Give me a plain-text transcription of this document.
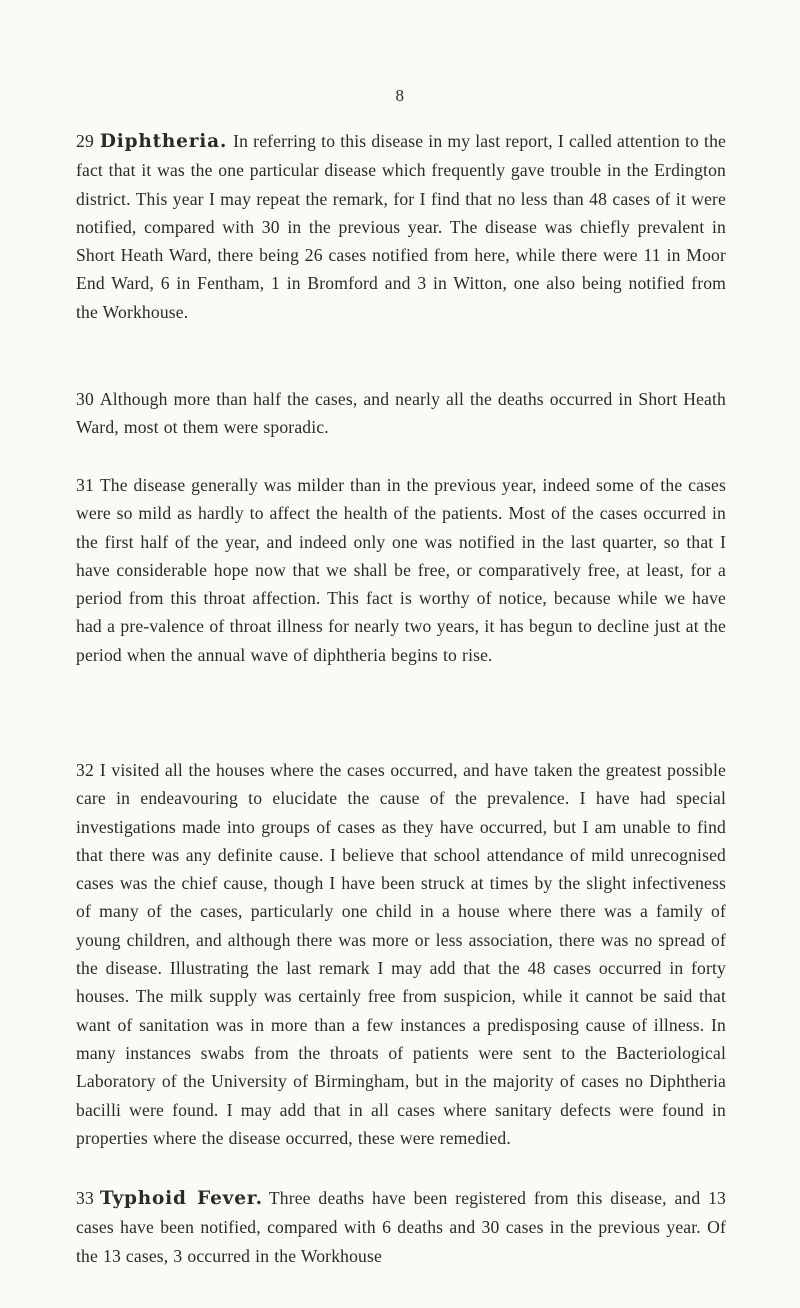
8

29 Diphtheria. In referring to this disease in my last report, I called attention to the fact that it was the one particular disease which frequently gave trouble in the Erdington district. This year I may repeat the remark, for I find that no less than 48 cases of it were notified, compared with 30 in the previous year. The disease was chiefly prevalent in Short Heath Ward, there being 26 cases notified from here, while there were 11 in Moor End Ward, 6 in Fentham, 1 in Bromford and 3 in Witton, one also being notified from the Workhouse.

30 Although more than half the cases, and nearly all the deaths occurred in Short Heath Ward, most ot them were sporadic.

31 The disease generally was milder than in the previous year, indeed some of the cases were so mild as hardly to affect the health of the patients. Most of the cases occurred in the first half of the year, and indeed only one was notified in the last quarter, so that I have considerable hope now that we shall be free, or comparatively free, at least, for a period from this throat affection. This fact is worthy of notice, because while we have had a pre-valence of throat illness for nearly two years, it has begun to decline just at the period when the annual wave of diphtheria begins to rise.

32 I visited all the houses where the cases occurred, and have taken the greatest possible care in endeavouring to elucidate the cause of the prevalence. I have had special investigations made into groups of cases as they have occurred, but I am unable to find that there was any definite cause. I believe that school attendance of mild unrecognised cases was the chief cause, though I have been struck at times by the slight infectiveness of many of the cases, particularly one child in a house where there was a family of young children, and although there was more or less association, there was no spread of the disease. Illustrating the last remark I may add that the 48 cases occurred in forty houses. The milk supply was certainly free from suspicion, while it cannot be said that want of sanitation was in more than a few instances a predisposing cause of illness. In many instances swabs from the throats of patients were sent to the Bacteriological Laboratory of the University of Birmingham, but in the majority of cases no Diphtheria bacilli were found. I may add that in all cases where sanitary defects were found in properties where the disease occurred, these were remedied.

33 Typhoid Fever. Three deaths have been registered from this disease, and 13 cases have been notified, compared with 6 deaths and 30 cases in the previous year. Of the 13 cases, 3 occurred in the Workhouse
